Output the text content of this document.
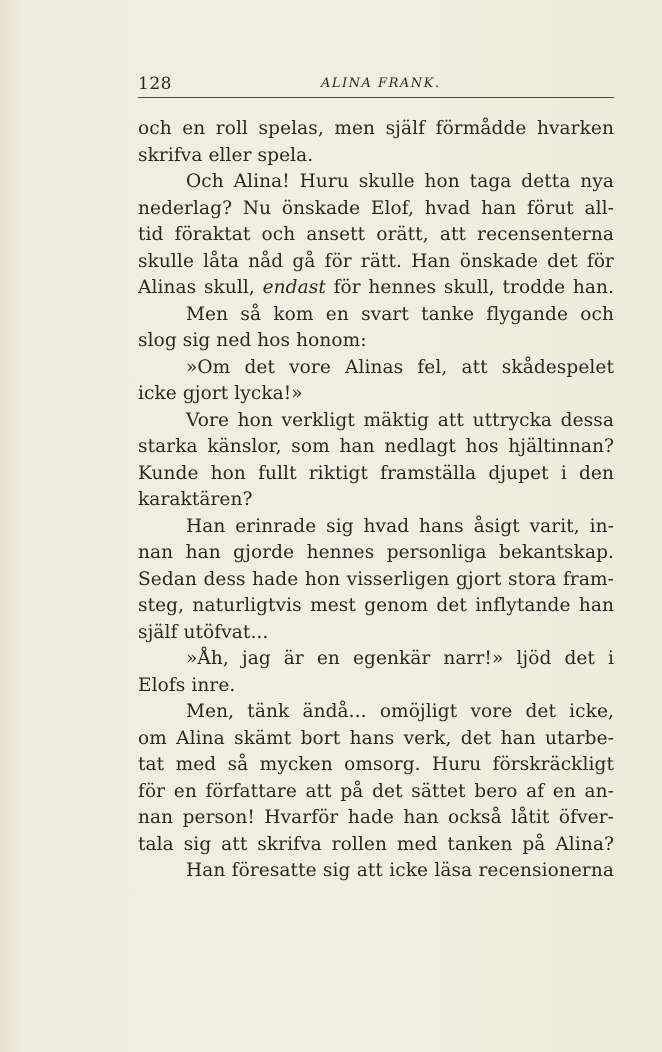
128	ALINA FRANK.
och en roll spelas, men själf förmådde hvarken
skrifva eller spela.
Och Alina! Huru skulle hon taga detta nya
nederlag? Nu önskade Elof, hvad han förut all-
tid föraktat och ansett orätt, att recensenterna
skulle låta nåd gå för rätt. Han önskade det för
Alinas skull, endast för hennes skull, trodde han.
Men så kom en svart tanke flygande och
slog sig ned hos honom:
»Om det vore Alinas fel, att skådespelet
icke gjort lycka!»
Vore hon verkligt mäktig att uttrycka dessa
starka känslor, som han nedlagt hos hjältinnan?
Kunde hon fullt riktigt framställa djupet i den
karaktären?
Han erinrade sig hvad hans åsigt varit, in-
nan han gjorde hennes personliga bekantskap.
Sedan dess hade hon visserligen gjort stora fram-
steg, naturligtvis mest genom det inflytande han
själf utöfvat...
»Åh, jag är en egenkär narr!» ljöd det i
Elofs inre.
Men, tänk ändå... omöjligt vore det icke,
om Alina skämt bort hans verk, det han utarbe-
tat med så mycken omsorg. Huru förskräckligt
för en författare att på det sättet bero af en an-
nan person! Hvarför hade han också låtit öfver-
tala sig att skrifva rollen med tanken på Alina?
Han föresatte sig att icke läsa recensionerna
